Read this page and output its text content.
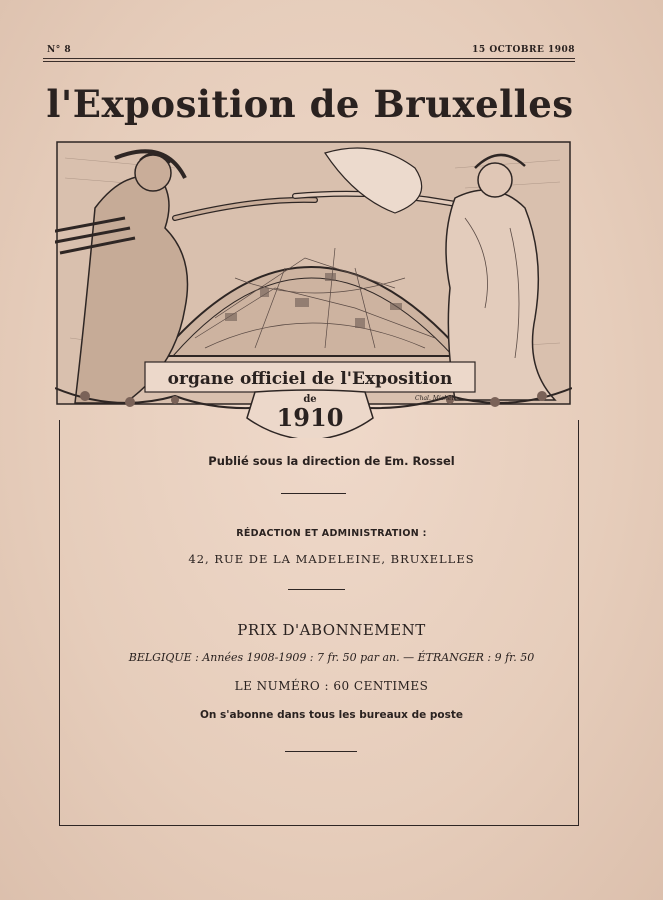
N° 8	15 OCTOBRE 1908
l'Exposition de Bruxelles
organe officiel de l'Exposition
de
1910
Chal. Michel
Publié sous la direction de Em. Rossel
RÉDACTION ET ADMINISTRATION :
42, RUE DE LA MADELEINE, BRUXELLES
PRIX D'ABONNEMENT
BELGIQUE : Années 1908-1909 : 7 fr. 50 par an. — ÉTRANGER : 9 fr. 50
LE NUMÉRO : 60 CENTIMES
On s'abonne dans tous les bureaux de poste
